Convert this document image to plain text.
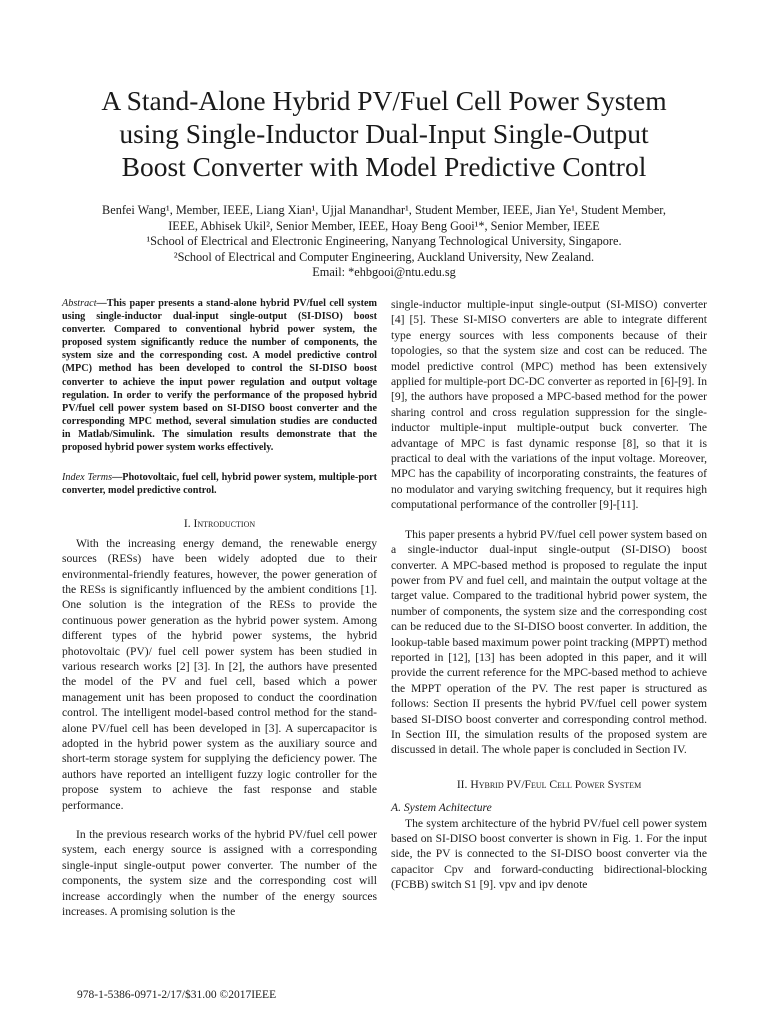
A Stand-Alone Hybrid PV/Fuel Cell Power System
using Single-Inductor Dual-Input Single-Output
Boost Converter with Model Predictive Control

Benfei Wang¹, Member, IEEE, Liang Xian¹, Ujjal Manandhar¹, Student Member, IEEE, Jian Ye¹, Student Member,

IEEE, Abhisek Ukil², Senior Member, IEEE, Hoay Beng Gooi¹*, Senior Member, IEEE

¹School of Electrical and Electronic Engineering, Nanyang Technological University, Singapore.

²School of Electrical and Computer Engineering, Auckland University, New Zealand.

Email: *ehbgooi@ntu.edu.sg

Abstract—This paper presents a stand-alone hybrid PV/fuel cell system using single-inductor dual-input single-output (SI-DISO) boost converter. Compared to conventional hybrid power system, the proposed system significantly reduce the number of components, the system size and the corresponding cost. A model predictive control (MPC) method has been developed to control the SI-DISO boost converter to achieve the input power regulation and output voltage regulation. In order to verify the performance of the proposed hybrid PV/fuel cell power system based on SI-DISO boost converter and the corresponding MPC method, several simulation studies are conducted in Matlab/Simulink. The simulation results demonstrate that the proposed hybrid power system works effectively.

Index Terms—Photovoltaic, fuel cell, hybrid power system, multiple-port converter, model predictive control.

I. Introduction

With the increasing energy demand, the renewable energy sources (RESs) have been widely adopted due to their environmental-friendly features, however, the power generation of the RESs is significantly influenced by the ambient conditions [1]. One solution is the integration of the RESs to provide the continuous power generation as the hybrid power system. Among different types of the hybrid power systems, the hybrid photovoltaic (PV)/ fuel cell power system has been studied in various research works [2] [3]. In [2], the authors have presented the model of the PV and fuel cell, based which a power management unit has been proposed to conduct the coordination control. The intelligent model-based control method for the stand-alone PV/fuel cell has been developed in [3]. A supercapacitor is adopted in the hybrid power system as the auxiliary source and short-term storage system for supplying the deficiency power. The authors have reported an intelligent fuzzy logic controller for the propose system to achieve the fast response and stable performance.

In the previous research works of the hybrid PV/fuel cell power system, each energy source is assigned with a corresponding single-input single-output power converter. The number of the components, the system size and the corresponding cost will increase accordingly when the number of the energy sources increases. A promising solution is the

single-inductor multiple-input single-output (SI-MISO) converter [4] [5]. These SI-MISO converters are able to integrate different type energy sources with less components because of their topologies, so that the system size and cost can be reduced. The model predictive control (MPC) method has been extensively applied for multiple-port DC-DC converter as reported in [6]-[9]. In [9], the authors have proposed a MPC-based method for the power sharing control and cross regulation suppression for the single-inductor multiple-input multiple-output buck converter. The advantage of MPC is fast dynamic response [8], so that it is practical to deal with the variations of the input voltage. Moreover, MPC has the capability of incorporating constraints, the features of no modulator and varying switching frequency, but it requires high computational performance of the controller [9]-[11].

This paper presents a hybrid PV/fuel cell power system based on a single-inductor dual-input single-output (SI-DISO) boost converter. A MPC-based method is proposed to regulate the input power from PV and fuel cell, and maintain the output voltage at the target value. Compared to the traditional hybrid power system, the number of components, the system size and the corresponding cost can be reduced due to the SI-DISO boost converter. In addition, the lookup-table based maximum power point tracking (MPPT) method reported in [12], [13] has been adopted in this paper, and it will provide the current reference for the MPC-based method to achieve the MPPT operation of the PV. The rest paper is structured as follows: Section II presents the hybrid PV/fuel cell power system based SI-DISO boost converter and corresponding control method. In Section III, the simulation results of the proposed system are discussed in detail. The whole paper is concluded in Section IV.

II. Hybrid PV/Feul Cell Power System

A. System Achitecture

The system architecture of the hybrid PV/fuel cell power system based on SI-DISO boost converter is shown in Fig. 1. For the input side, the PV is connected to the SI-DISO boost converter via the capacitor Cpv and forward-conducting bidirectional-blocking (FCBB) switch S1 [9]. vpv and ipv denote

978-1-5386-0971-2/17/$31.00 ©2017IEEE
